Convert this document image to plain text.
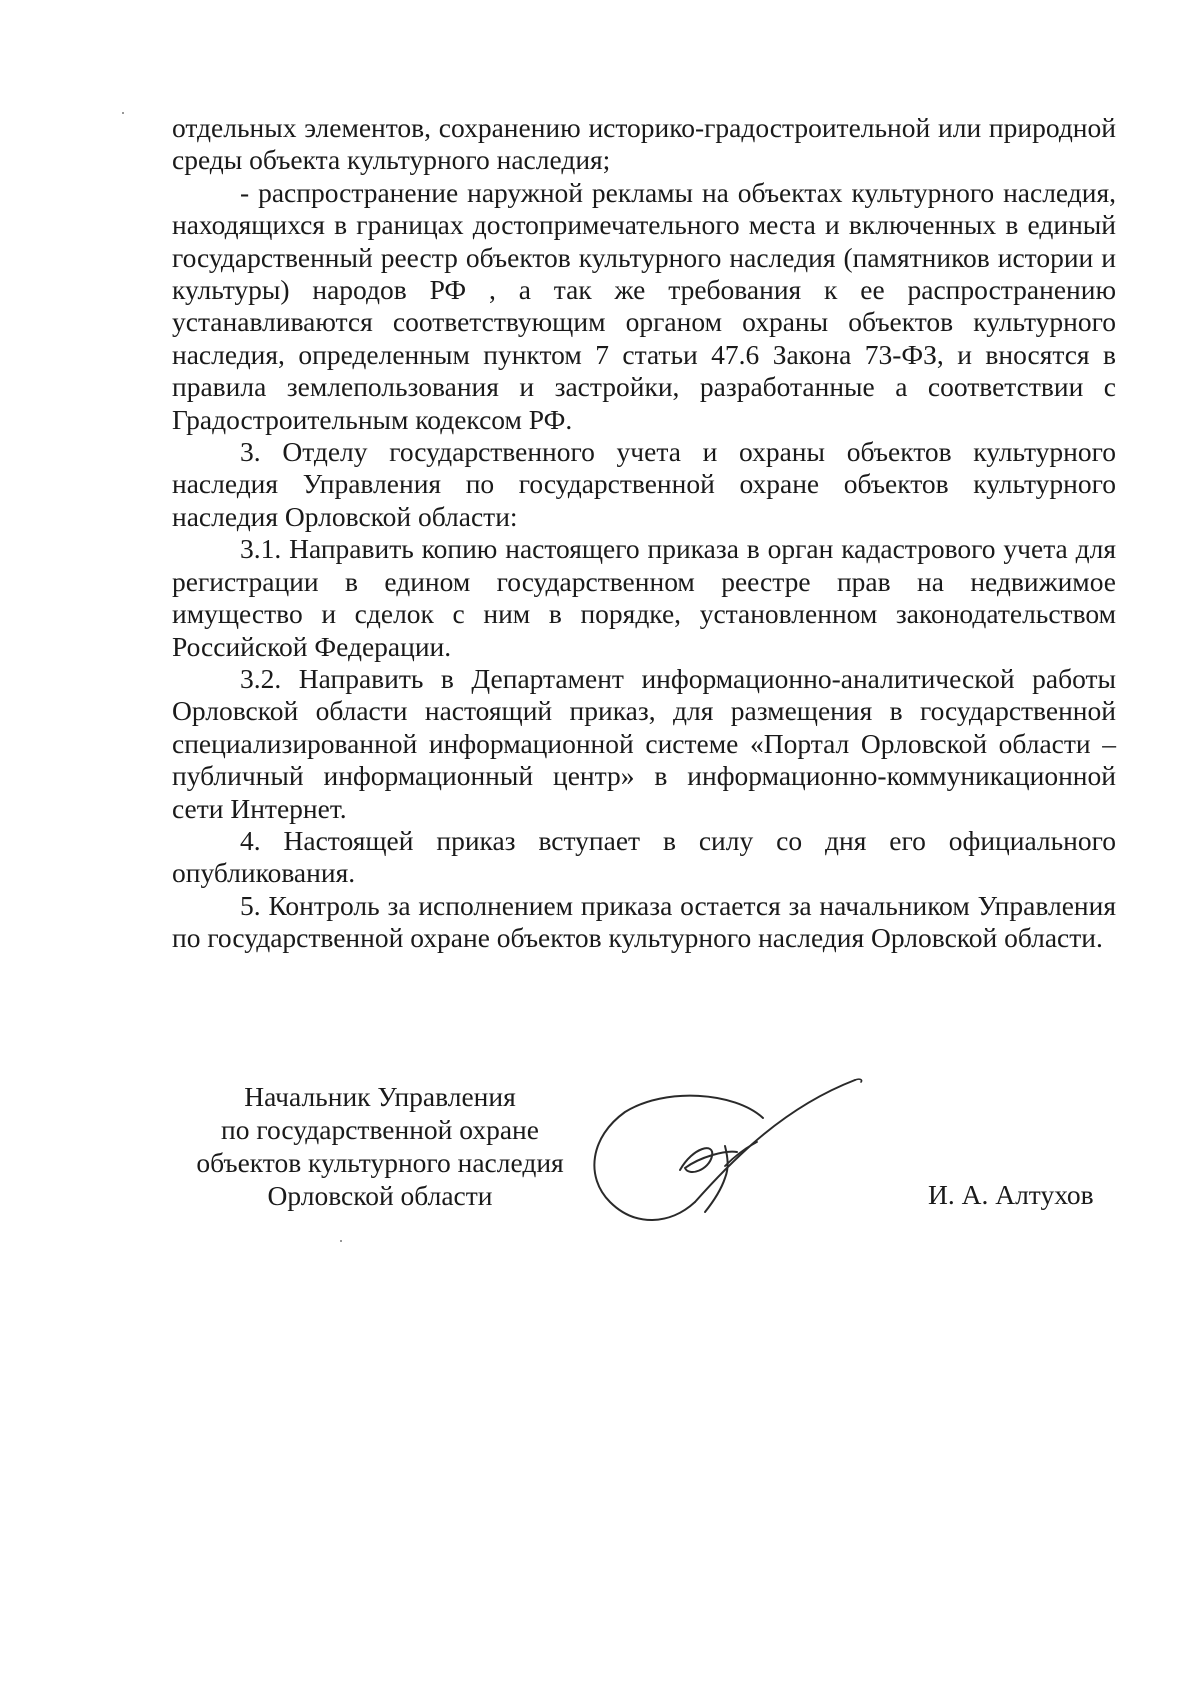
отдельных элементов, сохранению историко-градостроительной или природной среды объекта культурного наследия;

- распространение наружной рекламы на объектах культурного наследия, находящихся в границах достопримечательного места и включенных в единый государственный реестр объектов культурного наследия (памятников истории и культуры) народов РФ , а так же требования к ее распространению устанавливаются соответствующим органом охраны объектов культурного наследия, определенным пунктом 7 статьи 47.6 Закона 73-ФЗ, и вносятся в правила землепользования и застройки, разработанные а соответствии с Градостроительным кодексом РФ.

3. Отделу государственного учета и охраны объектов культурного наследия Управления по государственной охране объектов культурного наследия Орловской области:

3.1. Направить копию настоящего приказа в орган кадастрового учета для регистрации в едином государственном реестре прав на недвижимое имущество и сделок с ним в порядке, установленном законодательством Российской Федерации.

3.2. Направить в Департамент информационно-аналитической работы Орловской области настоящий приказ, для размещения в государственной специализированной информационной системе «Портал Орловской области – публичный информационный центр» в информационно-коммуникационной сети Интернет.

4. Настоящей приказ вступает в силу со дня его официального опубликования.

5. Контроль за исполнением приказа остается за начальником Управления по государственной охране объектов культурного наследия Орловской области.

Начальник Управления
по государственной охране
объектов культурного наследия
Орловской области	И. А. Алтухов
